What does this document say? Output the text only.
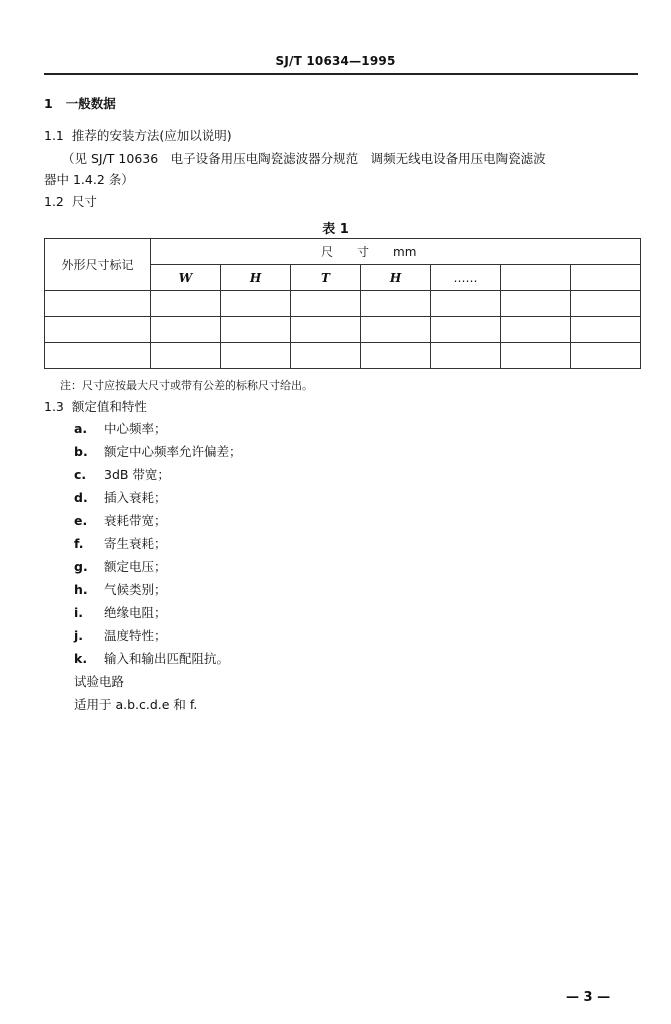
SJ/T 10634—1995
1 一般数据
1.1 推荐的安装方法(应加以说明)
（见 SJ/T 10636　电子设备用压电陶瓷滤波器分规范　调频无线电设备用压电陶瓷滤波
器中 1.4.2 条）
1.2 尺寸
表 1
外形尺寸标记	尺　　寸　　mm						
	W	H	T	H	……		

注：尺寸应按最大尺寸或带有公差的标称尺寸给出。
1.3 额定值和特性
a. 中心频率；
b. 额定中心频率允许偏差；
c. 3dB 带宽；
d. 插入衰耗；
e. 衰耗带宽；
f. 寄生衰耗；
g. 额定电压；
h. 气候类别；
i. 绝缘电阻；
j. 温度特性；
k. 输入和输出匹配阻抗。
试验电路
适用于 a.b.c.d.e 和 f.
— 3 —
